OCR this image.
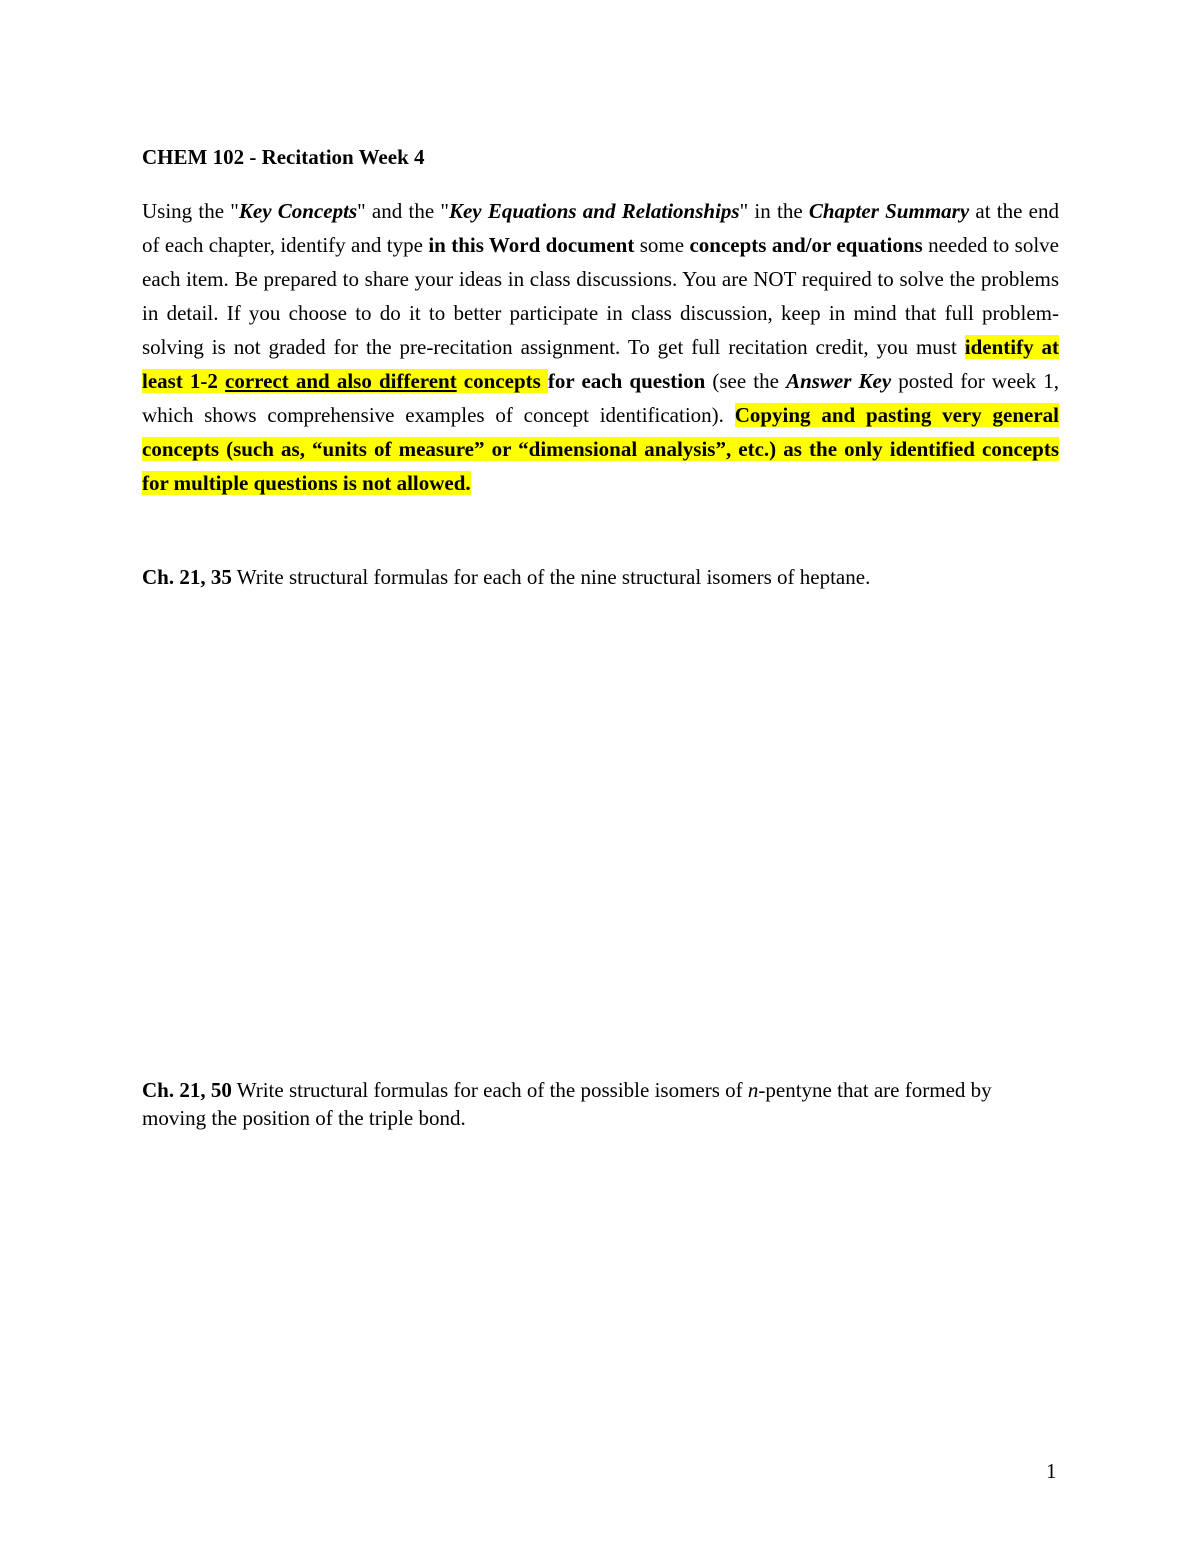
CHEM 102 - Recitation Week 4
Using the "Key Concepts" and the "Key Equations and Relationships" in the Chapter Summary at the end of each chapter, identify and type in this Word document some concepts and/or equations needed to solve each item. Be prepared to share your ideas in class discussions. You are NOT required to solve the problems in detail. If you choose to do it to better participate in class discussion, keep in mind that full problem-solving is not graded for the pre-recitation assignment. To get full recitation credit, you must identify at least 1-2 correct and also different concepts for each question (see the Answer Key posted for week 1, which shows comprehensive examples of concept identification). Copying and pasting very general concepts (such as, “units of measure” or “dimensional analysis”, etc.) as the only identified concepts for multiple questions is not allowed.
Ch. 21, 35 Write structural formulas for each of the nine structural isomers of heptane.
Ch. 21, 50 Write structural formulas for each of the possible isomers of n-pentyne that are formed by moving the position of the triple bond.
1
